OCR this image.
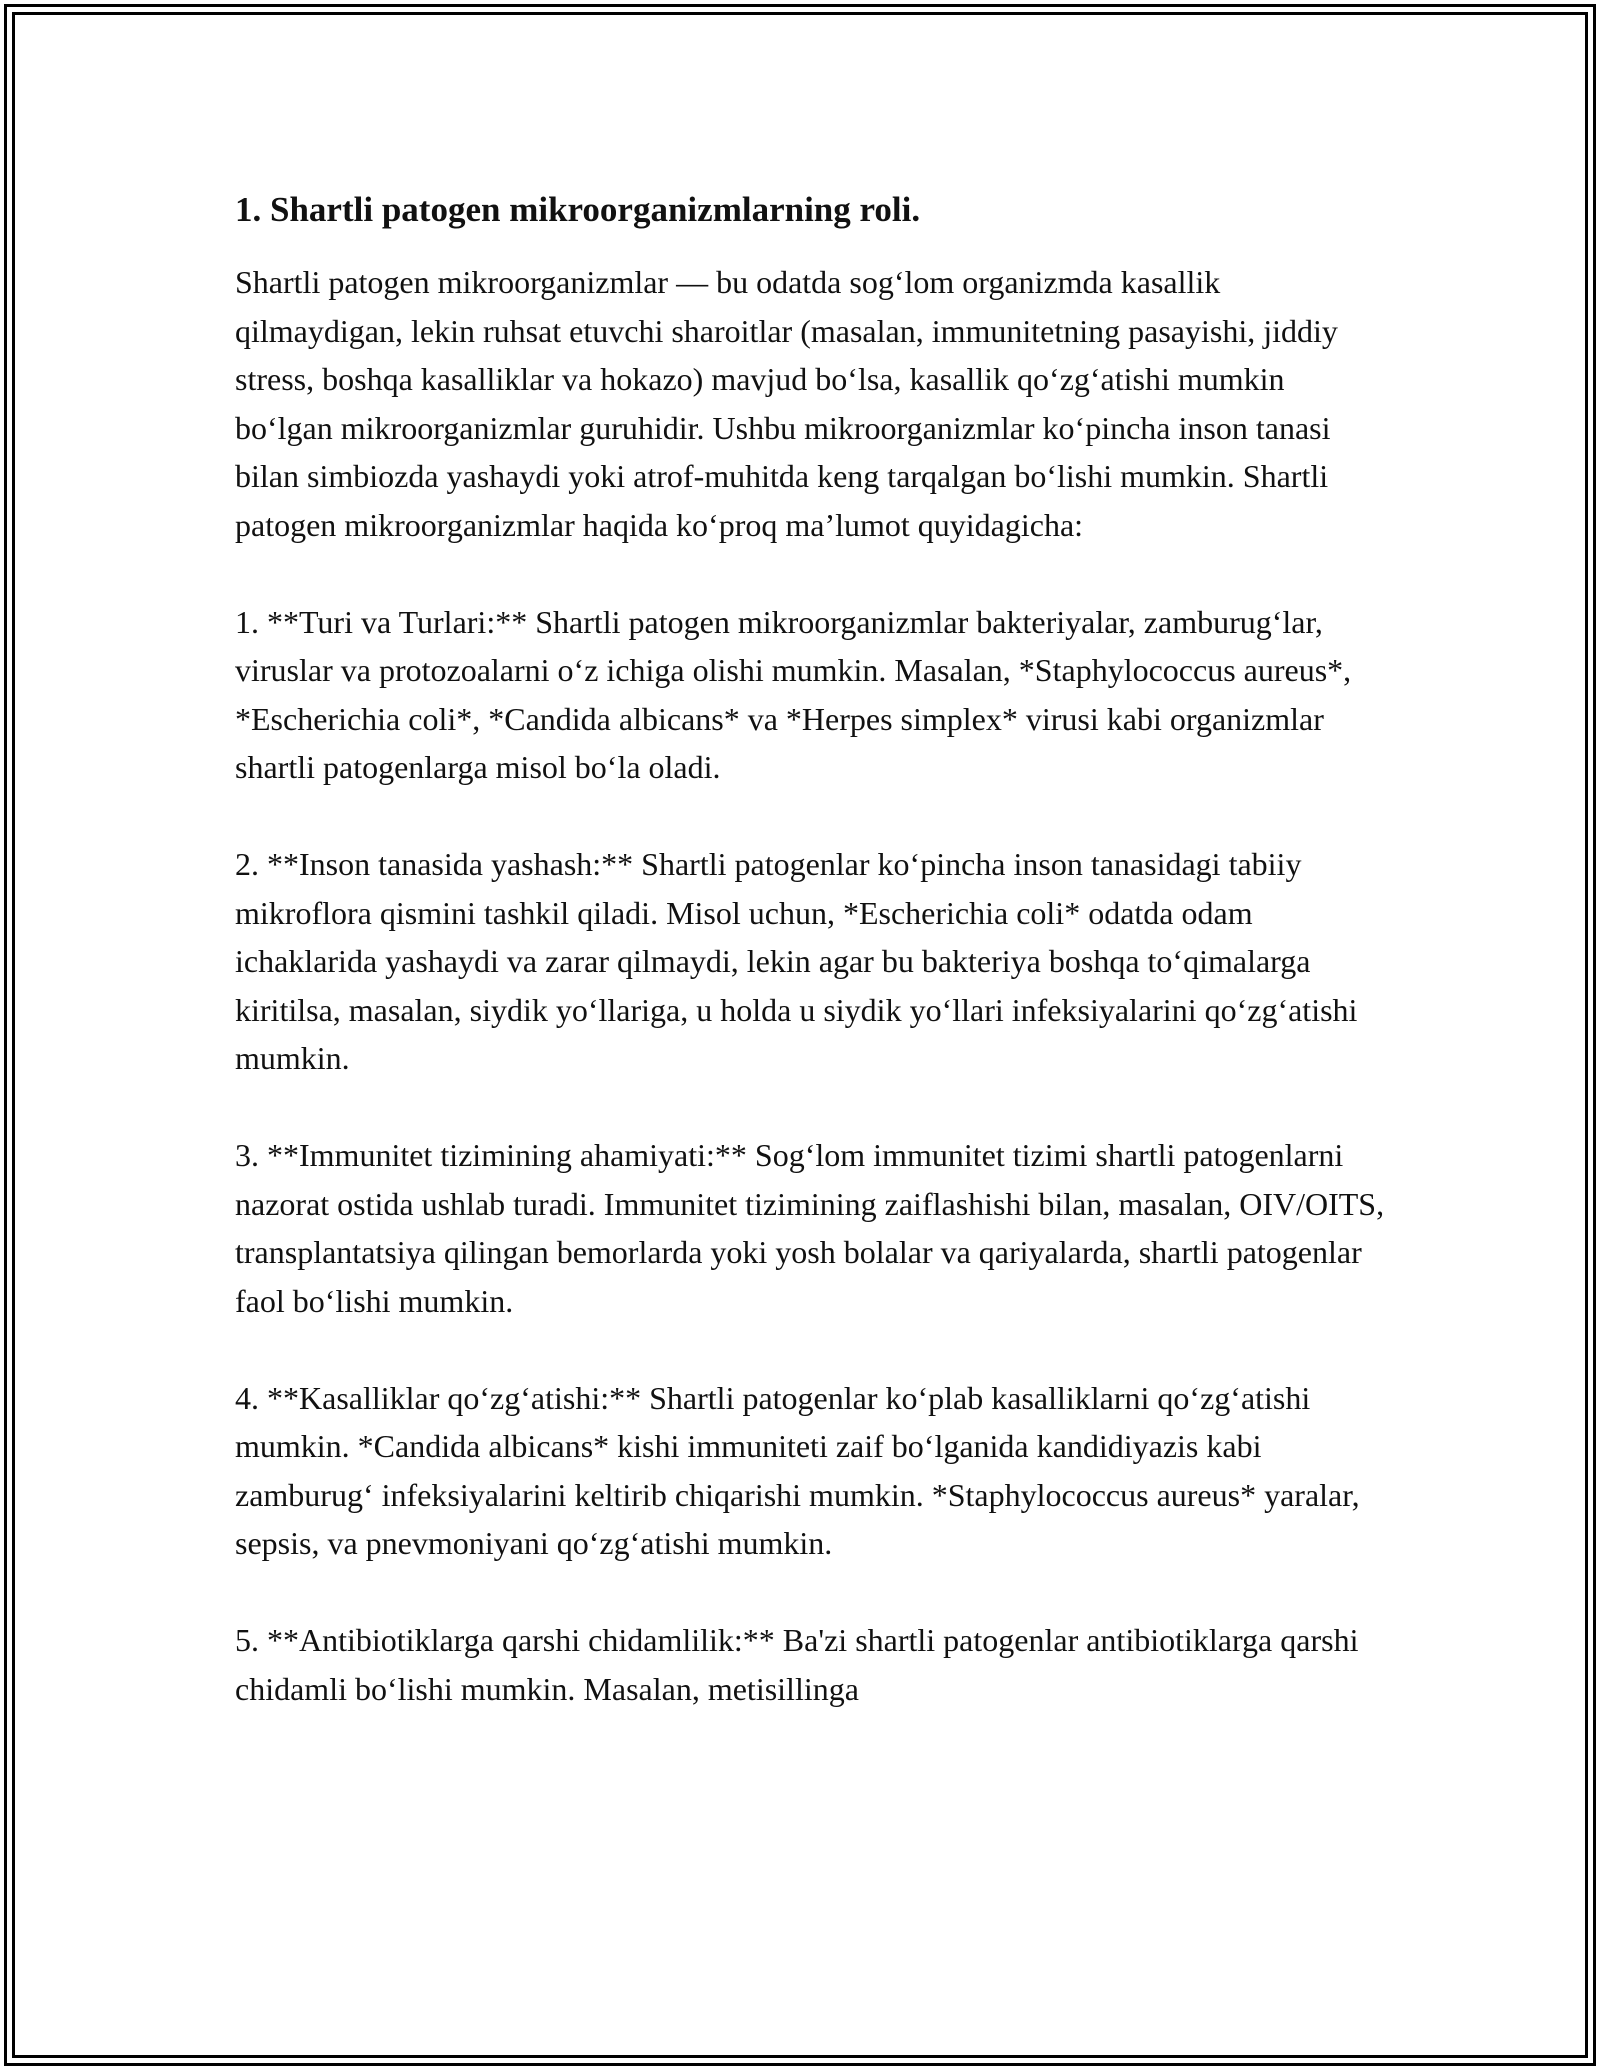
1. Shartli patogen mikroorganizmlarning roli.

Shartli patogen mikroorganizmlar — bu odatda sog‘lom organizmda kasallik qilmaydigan, lekin ruhsat etuvchi sharoitlar (masalan, immunitetning pasayishi, jiddiy stress, boshqa kasalliklar va hokazo) mavjud bo‘lsa, kasallik qo‘zg‘atishi mumkin bo‘lgan mikroorganizmlar guruhidir. Ushbu mikroorganizmlar ko‘pincha inson tanasi bilan simbiozda yashaydi yoki atrof-muhitda keng tarqalgan bo‘lishi mumkin. Shartli patogen mikroorganizmlar haqida ko‘proq ma’lumot quyidagicha:

1. **Turi va Turlari:** Shartli patogen mikroorganizmlar bakteriyalar, zamburug‘lar, viruslar va protozoalarni o‘z ichiga olishi mumkin. Masalan, *Staphylococcus aureus*, *Escherichia coli*, *Candida albicans* va *Herpes simplex* virusi kabi organizmlar shartli patogenlarga misol bo‘la oladi.

2. **Inson tanasida yashash:** Shartli patogenlar ko‘pincha inson tanasidagi tabiiy mikroflora qismini tashkil qiladi. Misol uchun, *Escherichia coli* odatda odam ichaklarida yashaydi va zarar qilmaydi, lekin agar bu bakteriya boshqa to‘qimalarga kiritilsa, masalan, siydik yo‘llariga, u holda u siydik yo‘llari infeksiyalarini qo‘zg‘atishi mumkin.

3. **Immunitet tizimining ahamiyati:** Sog‘lom immunitet tizimi shartli patogenlarni nazorat ostida ushlab turadi. Immunitet tizimining zaiflashishi bilan, masalan, OIV/OITS, transplantatsiya qilingan bemorlarda yoki yosh bolalar va qariyalarda, shartli patogenlar faol bo‘lishi mumkin.

4. **Kasalliklar qo‘zg‘atishi:** Shartli patogenlar ko‘plab kasalliklarni qo‘zg‘atishi mumkin. *Candida albicans* kishi immuniteti zaif bo‘lganida kandidiyazis kabi zamburug‘ infeksiyalarini keltirib chiqarishi mumkin. *Staphylococcus aureus* yaralar, sepsis, va pnevmoniyani qo‘zg‘atishi mumkin.

5. **Antibiotiklarga qarshi chidamlilik:** Ba'zi shartli patogenlar antibiotiklarga qarshi chidamli bo‘lishi mumkin. Masalan, metisillinga
